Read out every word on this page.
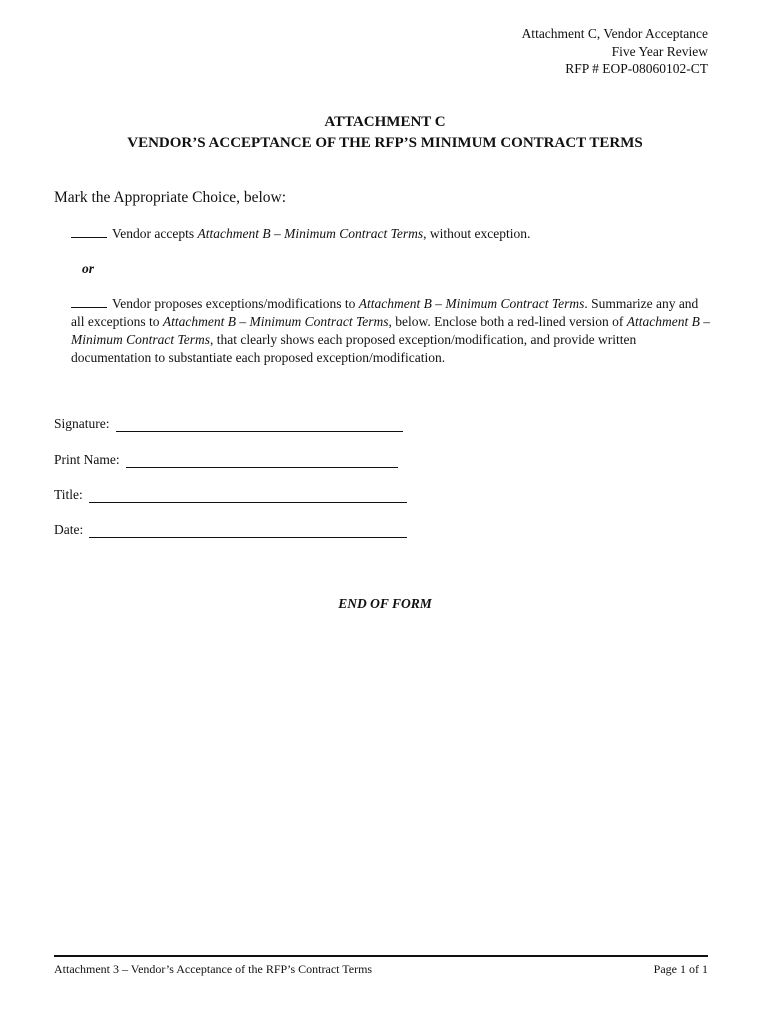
Attachment C, Vendor Acceptance
Five Year Review
RFP # EOP-08060102-CT
ATTACHMENT C
VENDOR’S ACCEPTANCE OF THE RFP’S MINIMUM CONTRACT TERMS
Mark the Appropriate Choice, below:
Vendor accepts Attachment B – Minimum Contract Terms, without exception.
or
Vendor proposes exceptions/modifications to Attachment B – Minimum Contract Terms. Summarize any and all exceptions to Attachment B – Minimum Contract Terms, below. Enclose both a red-lined version of Attachment B – Minimum Contract Terms, that clearly shows each proposed exception/modification, and provide written documentation to substantiate each proposed exception/modification.
Signature:
Print Name:
Title:
Date:
END OF FORM
Attachment 3 – Vendor’s Acceptance of the RFP’s Contract Terms	Page 1 of 1
